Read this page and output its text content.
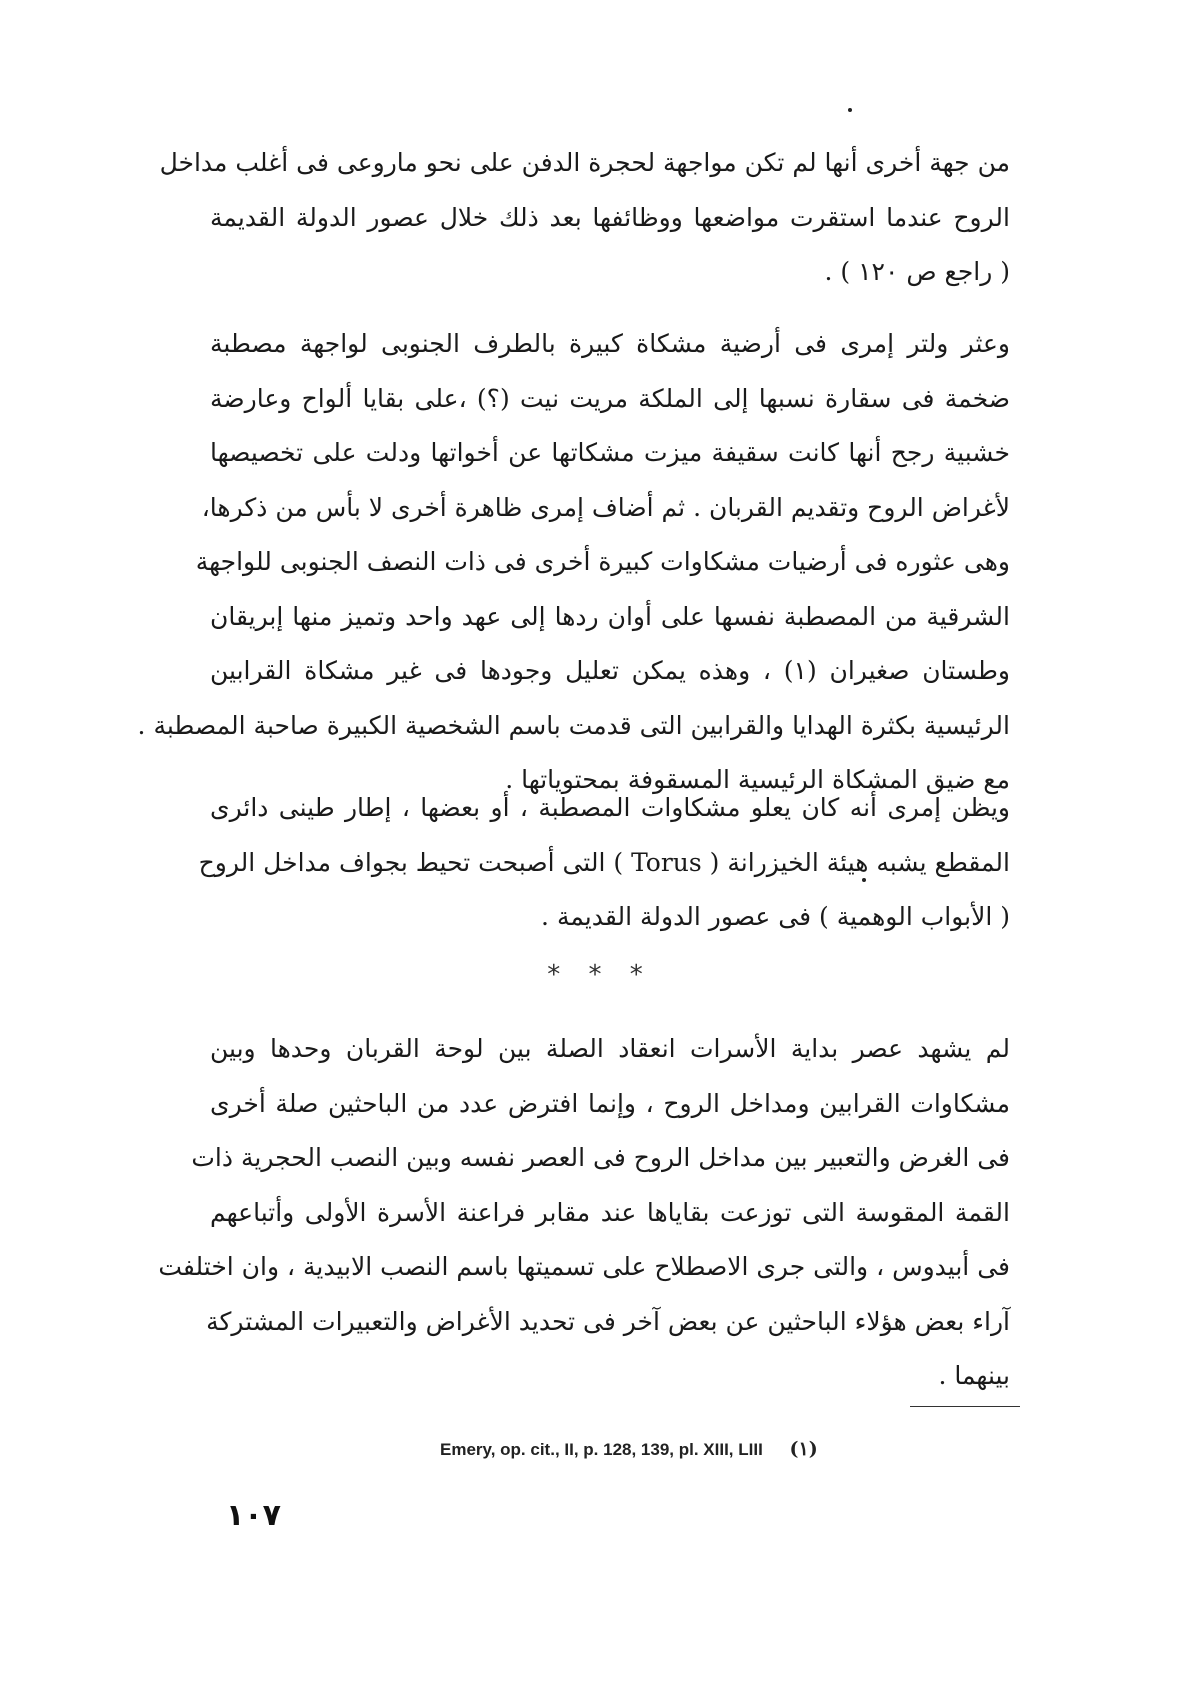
من جهة أخرى أنها لم تكن مواجهة لحجرة الدفن على نحو ماروعى فى أغلب مداخل
الروح عندما استقرت مواضعها ووظائفها بعد ذلك خلال عصور الدولة القديمة
( راجع ص ١٢٠ ) .
وعثر ولتر إمرى فى أرضية مشكاة كبيرة بالطرف الجنوبى لواجهة مصطبة
ضخمة فى سقارة نسبها إلى الملكة مريت نيت (؟) ،على بقايا ألواح وعارضة
خشبية رجح أنها كانت سقيفة ميزت مشكاتها عن أخواتها ودلت على تخصيصها
لأغراض الروح وتقديم القربان . ثم أضاف إمرى ظاهرة أخرى لا بأس من ذكرها،
وهى عثوره فى أرضيات مشكاوات كبيرة أخرى فى ذات النصف الجنوبى للواجهة
الشرقية من المصطبة نفسها على أوان ردها إلى عهد واحد وتميز منها إبريقان
وطستان صغيران (١) ، وهذه يمكن تعليل وجودها فى غير مشكاة القرابين
الرئيسية بكثرة الهدايا والقرابين التى قدمت باسم الشخصية الكبيرة صاحبة المصطبة .
مع ضيق المشكاة الرئيسية المسقوفة بمحتوياتها .
ويظن إمرى أنه كان يعلو مشكاوات المصطبة ، أو بعضها ، إطار طينى دائرى
المقطع يشبه هيئة الخيزرانة ( Torus ) التى أصبحت تحيط بجواف مداخل الروح
( الأبواب الوهمية ) فى عصور الدولة القديمة .
* * *
لم يشهد عصر بداية الأسرات انعقاد الصلة بين لوحة القربان وحدها وبين
مشكاوات القرابين ومداخل الروح ، وإنما افترض عدد من الباحثين صلة أخرى
فى الغرض والتعبير بين مداخل الروح فى العصر نفسه وبين النصب الحجرية ذات
القمة المقوسة التى توزعت بقاياها عند مقابر فراعنة الأسرة الأولى وأتباعهم
فى أبيدوس ، والتى جرى الاصطلاح على تسميتها باسم النصب الابيدية ، وان اختلفت
آراء بعض هؤلاء الباحثين عن بعض آخر فى تحديد الأغراض والتعبيرات المشتركة
بينهما .
Emery, op. cit., II, p. 128, 139, pl. XIII, LIII (١)
١٠٧
